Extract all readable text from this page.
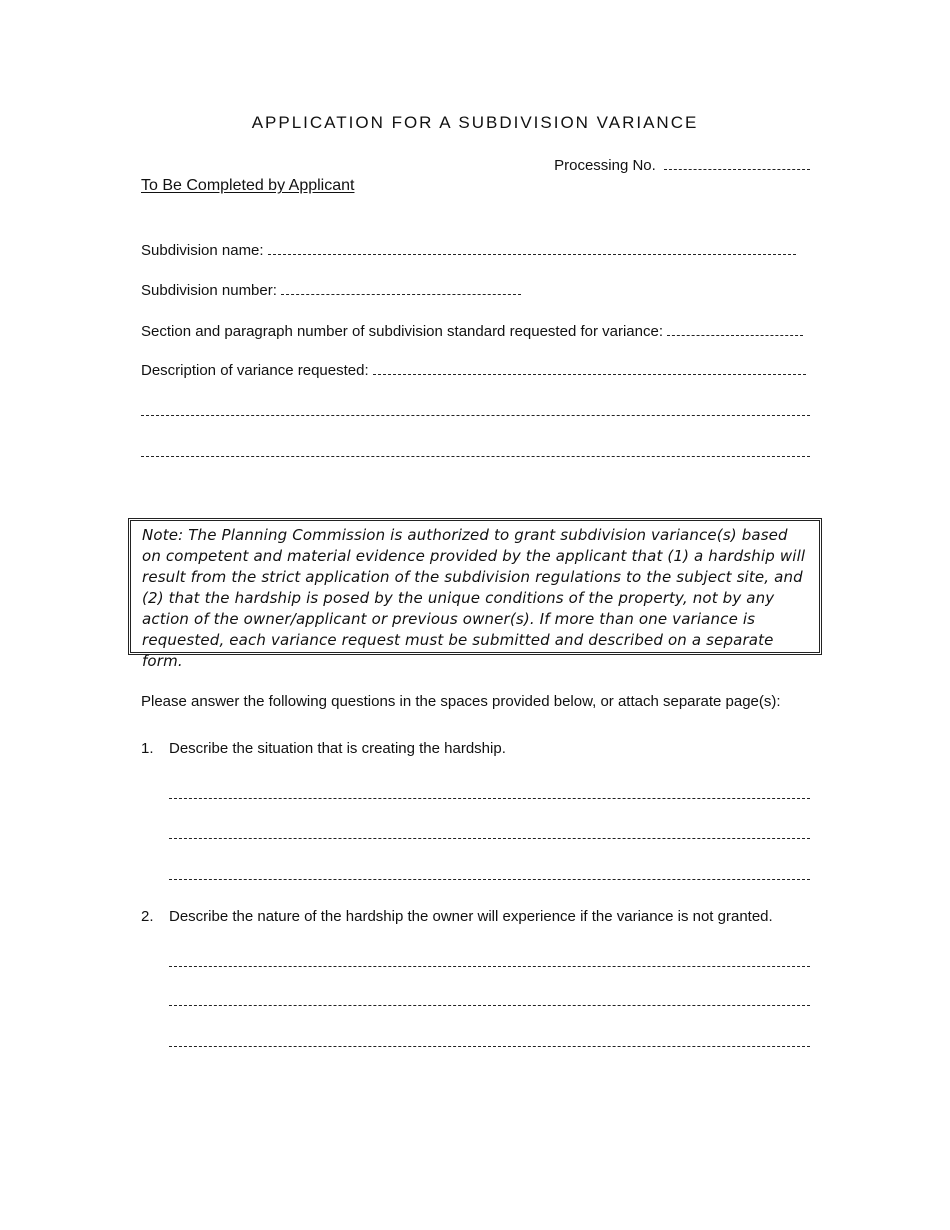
APPLICATION FOR A SUBDIVISION VARIANCE
Processing No.
To Be Completed by Applicant
Subdivision name:
Subdivision number:
Section and paragraph number of subdivision standard requested for variance:
Description of variance requested:
Note: The Planning Commission is authorized to grant subdivision variance(s) based on competent and material evidence provided by the applicant that (1) a hardship will result from the strict application of the subdivision regulations to the subject site, and (2) that the hardship is posed by the unique conditions of the property, not by any action of the owner/applicant or previous owner(s). If more than one variance is requested, each variance request must be submitted and described on a separate form.
Please answer the following questions in the spaces provided below, or attach separate page(s):
1. Describe the situation that is creating the hardship.
2. Describe the nature of the hardship the owner will experience if the variance is not granted.
